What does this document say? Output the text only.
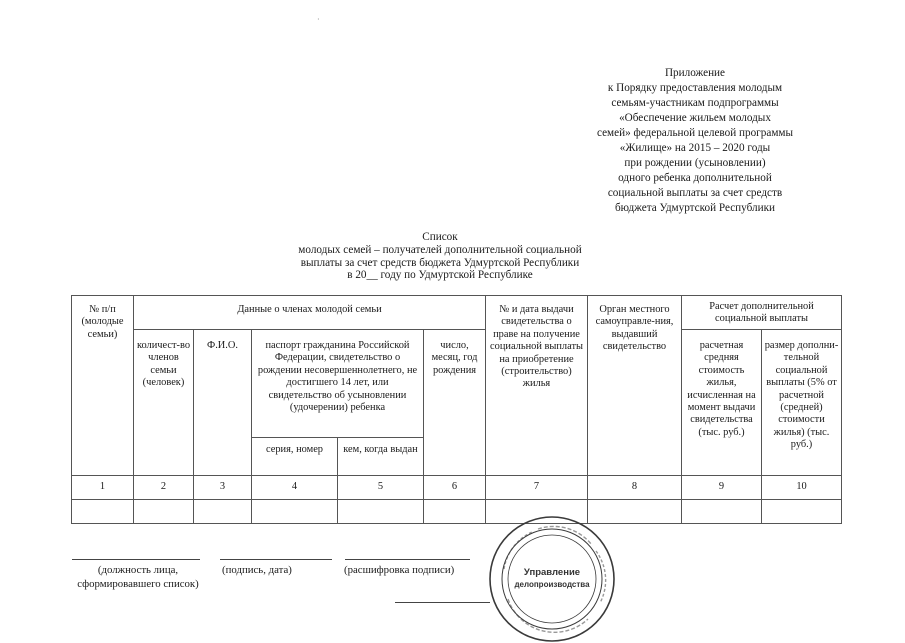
·
Приложение
к Порядку предоставления молодым
семьям-участникам подпрограммы
«Обеспечение жильем молодых
семей» федеральной целевой программы
«Жилище» на 2015 – 2020 годы
при рождении (усыновлении)
одного ребенка дополнительной
социальной выплаты за счет средств
бюджета Удмуртской Республики
Список
молодых семей – получателей дополнительной социальной
выплаты за счет средств бюджета Удмуртской Республики
в 20__ году по Удмуртской Республике
№ п/п (молодые семьи)	Данные о членах молодой семьи					№ и дата выдачи свидетельства о праве на получение социальной выплаты на приобретение (строительство) жилья	Орган местного самоуправле-ния, выдавший свидетельство	Расчет дополнительной социальной выплаты	
	количест-во членов семьи (человек)	Ф.И.О.	паспорт гражданина Российской Федерации, свидетельство о рождении несовершеннолетнего, не достигшего 14 лет, или свидетельство об усыновлении (удочерении) ребенка		число, месяц, год рождения			расчетная средняя стоимость жилья, исчисленная на момент выдачи свидетельства (тыс. руб.)	размер дополни-тельной социальной выплаты (5% от расчетной (средней) стоимости жилья) (тыс. руб.)
			серия, номер	кем, когда выдан					
1	2	3	4	5	6	7	8	9	10

(должность лица, сформировавшего список)
(подпись, дата)	(расшифровка подписи)	Управление
делопроизводства
